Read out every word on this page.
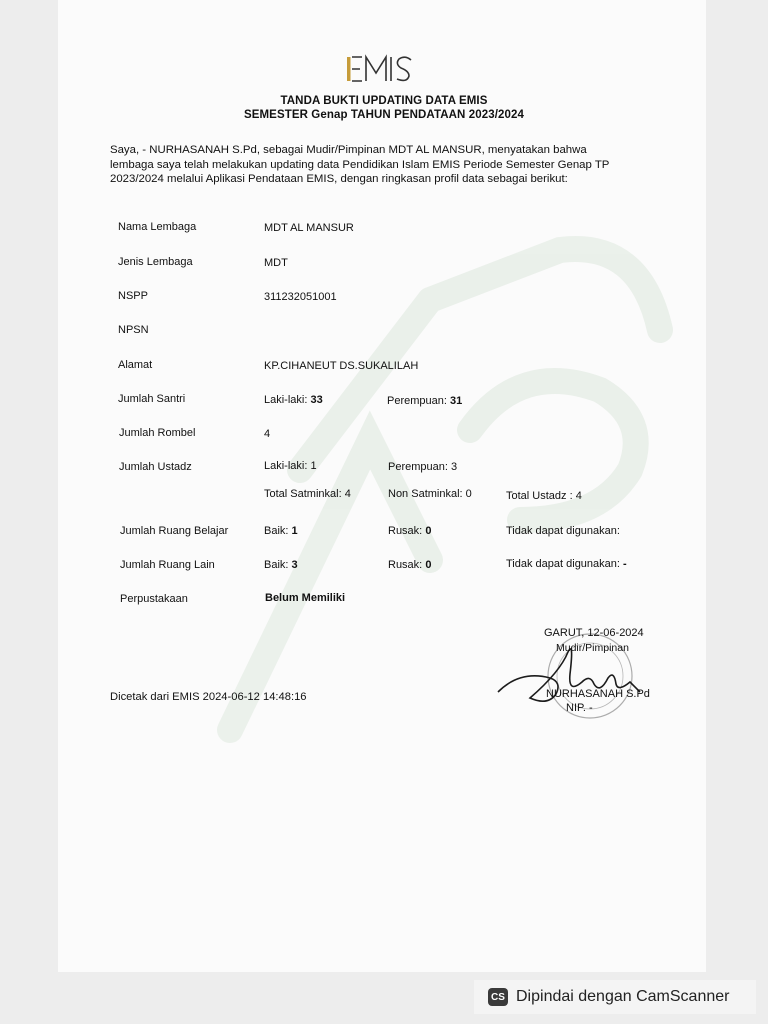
TANDA BUKTI UPDATING DATA EMIS
SEMESTER Genap TAHUN PENDATAAN 2023/2024
Saya, - NURHASANAH S.Pd, sebagai Mudir/Pimpinan MDT AL MANSUR, menyatakan bahwa
lembaga saya telah melakukan updating data Pendidikan Islam EMIS Periode Semester Genap TP
2023/2024 melalui Aplikasi Pendataan EMIS, dengan ringkasan profil data sebagai berikut:
Nama Lembaga	MDT AL MANSUR
Jenis Lembaga	MDT
NSPP	311232051001
NPSN
Alamat	KP.CIHANEUT DS.SUKALILAH
Jumlah Santri	Laki-laki: 33	Perempuan: 31
Jumlah Rombel	4
Jumlah Ustadz	Laki-laki: 1	Perempuan: 3
Total Satminkal: 4	Non Satminkal: 0	Total Ustadz : 4
Jumlah Ruang Belajar	Baik: 1	Rusak: 0	Tidak dapat digunakan:
Jumlah Ruang Lain	Baik: 3	Rusak: 0	Tidak dapat digunakan: -
Perpustakaan	Belum Memiliki
Dicetak dari EMIS 2024-06-12 14:48:16
GARUT, 12-06-2024
Mudir/Pimpinan
NURHASANAH S.Pd
NIP. -
CS Dipindai dengan CamScanner
